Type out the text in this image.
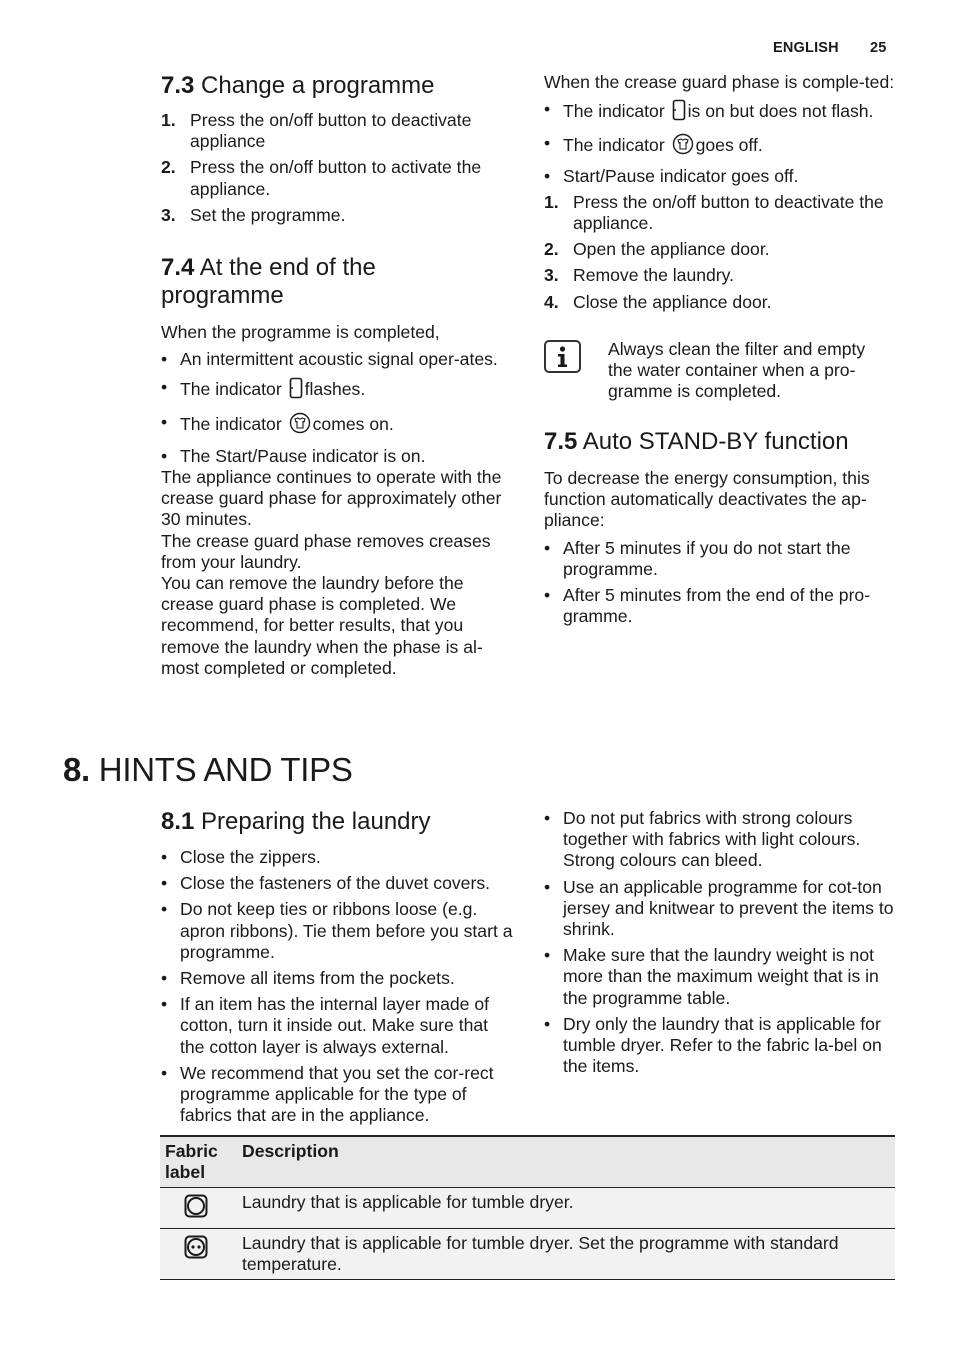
ENGLISH 25
7.3 Change a programme
1. Press the on/off button to deactivate appliance
2. Press the on/off button to activate the appliance.
3. Set the programme.
7.4 At the end of the programme

When the programme is completed,

• An intermittent acoustic signal oper-ates.
• The indicator flashes.
• The indicator comes on.
• The Start/Pause indicator is on.

The appliance continues to operate with the crease guard phase for approximately other 30 minutes.

The crease guard phase removes creases from your laundry.

You can remove the laundry before the crease guard phase is completed. We recommend, for better results, that you remove the laundry when the phase is al-most completed or completed.

When the crease guard phase is comple-ted:

• The indicator is on but does not flash.
• The indicator goes off.
• Start/Pause indicator goes off.
1. Press the on/off button to deactivate the appliance.
2. Open the appliance door.
3. Remove the laundry.
4. Close the appliance door.

Always clean the filter and empty the water container when a pro-gramme is completed.

7.5 Auto STAND-BY function

To decrease the energy consumption, this function automatically deactivates the ap-pliance:

• After 5 minutes if you do not start the programme.
• After 5 minutes from the end of the pro-gramme.
8. HINTS AND TIPS
8.1 Preparing the laundry
• Close the zippers.
• Close the fasteners of the duvet covers.
• Do not keep ties or ribbons loose (e.g. apron ribbons). Tie them before you start a programme.
• Remove all items from the pockets.
• If an item has the internal layer made of cotton, turn it inside out. Make sure that the cotton layer is always external.
• We recommend that you set the cor-rect programme applicable for the type of fabrics that are in the appliance.
• Do not put fabrics with strong colours together with fabrics with light colours. Strong colours can bleed.
• Use an applicable programme for cot-ton jersey and knitwear to prevent the items to shrink.
• Make sure that the laundry weight is not more than the maximum weight that is in the programme table.
• Dry only the laundry that is applicable for tumble dryer. Refer to the fabric la-bel on the items.
Fabric label	Description
	Laundry that is applicable for tumble dryer.
	Laundry that is applicable for tumble dryer. Set the programme with standard temperature.
